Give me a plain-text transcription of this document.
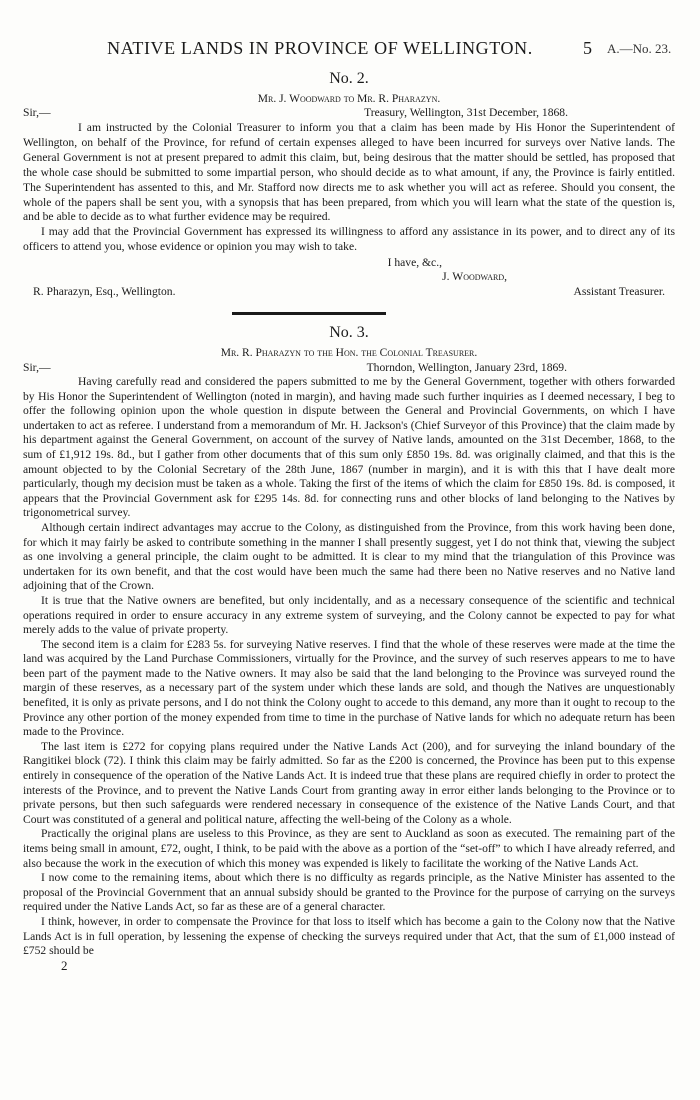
NATIVE LANDS IN PROVINCE OF WELLINGTON.	5 A.—No. 23.
No. 2.
Mr. J. Woodward to Mr. R. Pharazyn.
Sir,—	Treasury, Wellington, 31st December, 1868.

I am instructed by the Colonial Treasurer to inform you that a claim has been made by His Honor the Superintendent of Wellington, on behalf of the Province, for refund of certain expenses alleged to have been incurred for surveys over Native lands. The General Government is not at present prepared to admit this claim, but, being desirous that the matter should be settled, has proposed that the whole case should be submitted to some impartial person, who should decide as to what amount, if any, the Province is fairly entitled. The Superintendent has assented to this, and Mr. Stafford now directs me to ask whether you will act as referee. Should you consent, the whole of the papers shall be sent you, with a synopsis that has been prepared, from which you will learn what the state of the question is, and be able to decide as to what further evidence may be required.

I may add that the Provincial Government has expressed its willingness to afford any assistance in its power, and to direct any of its officers to attend you, whose evidence or opinion you may wish to take.

I have, &c.,
J. Woodward,
R. Pharazyn, Esq., Wellington.	Assistant Treasurer.
No. 3.
Mr. R. Pharazyn to the Hon. the Colonial Treasurer.
Sir,—	Thorndon, Wellington, January 23rd, 1869.

Having carefully read and considered the papers submitted to me by the General Government, together with others forwarded by His Honor the Superintendent of Wellington (noted in margin), and having made such further inquiries as I deemed necessary, I beg to offer the following opinion upon the whole question in dispute between the General and Provincial Governments, on which I have undertaken to act as referee. I understand from a memorandum of Mr. H. Jackson's (Chief Surveyor of this Province) that the claim made by his department against the General Government, on account of the survey of Native lands, amounted on the 31st December, 1868, to the sum of £1,912 19s. 8d., but I gather from other documents that of this sum only £850 19s. 8d. was originally claimed, and that this is the amount objected to by the Colonial Secretary of the 28th June, 1867 (number in margin), and it is with this that I have dealt more particularly, though my decision must be taken as a whole. Taking the first of the items of which the claim for £850 19s. 8d. is composed, it appears that the Provincial Government ask for £295 14s. 8d. for connecting runs and other blocks of land belonging to the Natives by trigonometrical survey.

Although certain indirect advantages may accrue to the Colony, as distinguished from the Province, from this work having been done, for which it may fairly be asked to contribute something in the manner I shall presently suggest, yet I do not think that, viewing the subject as one involving a general principle, the claim ought to be admitted. It is clear to my mind that the triangulation of this Province was undertaken for its own benefit, and that the cost would have been much the same had there been no Native reserves and no Native land adjoining that of the Crown.

It is true that the Native owners are benefited, but only incidentally, and as a necessary consequence of the scientific and technical operations required in order to ensure accuracy in any extreme system of surveying, and the Colony cannot be expected to pay for what merely adds to the value of private property.

The second item is a claim for £283 5s. for surveying Native reserves. I find that the whole of these reserves were made at the time the land was acquired by the Land Purchase Commissioners, virtually for the Province, and the survey of such reserves appears to me to have been part of the payment made to the Native owners. It may also be said that the land belonging to the Province was surveyed round the margin of these reserves, as a necessary part of the system under which these lands are sold, and though the Natives are unquestionably benefited, it is only as private persons, and I do not think the Colony ought to accede to this demand, any more than it ought to recoup to the Province any other portion of the money expended from time to time in the purchase of Native lands for which no adequate return has been made to the Province.

The last item is £272 for copying plans required under the Native Lands Act (200), and for surveying the inland boundary of the Rangitikei block (72). I think this claim may be fairly admitted. So far as the £200 is concerned, the Province has been put to this expense entirely in consequence of the operation of the Native Lands Act. It is indeed true that these plans are required chiefly in order to protect the interests of the Province, and to prevent the Native Lands Court from granting away in error either lands belonging to the Province or to private persons, but then such safeguards were rendered necessary in consequence of the existence of the Native Lands Court, and that Court was constituted of a general and political nature, affecting the well-being of the Colony as a whole.

Practically the original plans are useless to this Province, as they are sent to Auckland as soon as executed. The remaining part of the items being small in amount, £72, ought, I think, to be paid with the above as a portion of the “set-off” to which I have already referred, and also because the work in the execution of which this money was expended is likely to facilitate the working of the Native Lands Act.

I now come to the remaining items, about which there is no difficulty as regards principle, as the Native Minister has assented to the proposal of the Provincial Government that an annual subsidy should be granted to the Province for the purpose of carrying on the surveys required under the Native Lands Act, so far as these are of a general character.

I think, however, in order to compensate the Province for that loss to itself which has become a gain to the Colony now that the Native Lands Act is in full operation, by lessening the expense of checking the surveys required under that Act, that the sum of £1,000 instead of £752 should be

2
